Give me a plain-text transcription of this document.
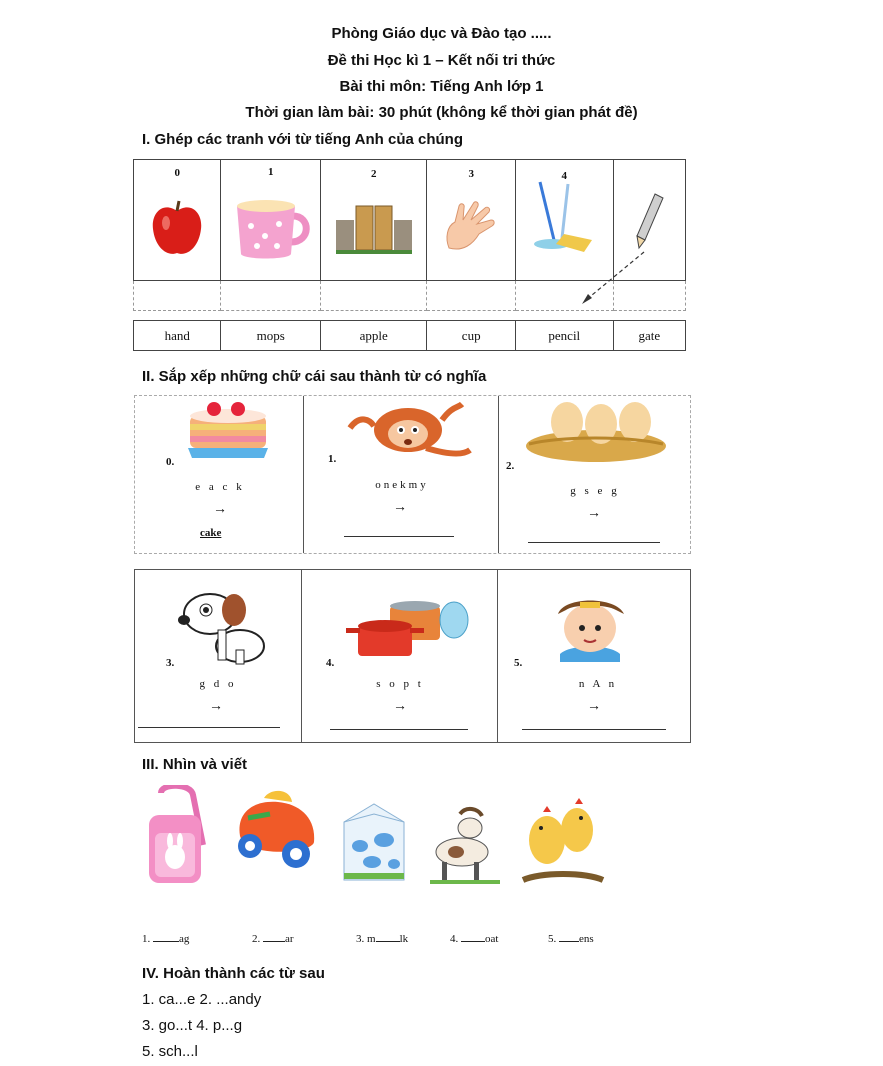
Phòng Giáo dục và Đào tạo .....
Đề thi Học kì 1 – Kết nối tri thức
Bài thi môn: Tiếng Anh lớp 1
Thời gian làm bài: 30 phút (không kể thời gian phát đề)
I. Ghép các tranh với từ tiếng Anh của chúng
0	1	2	3	4

hand	mops	apple	cup	pencil	gate
II. Sắp xếp những chữ cái sau thành từ có nghĩa
0.
e a c k
→
cake
1.
onekmy
→
2.
g s e g
→
3.
g d o
→
4.
s o p t
→
5.
n A n
→
III. Nhìn và viết
1. ag	2. ar	3. m lk	4. oat	5. ens
IV. Hoàn thành các từ sau
1. ca...e 2. ...andy
3. go...t 4. p...g
5. sch...l
